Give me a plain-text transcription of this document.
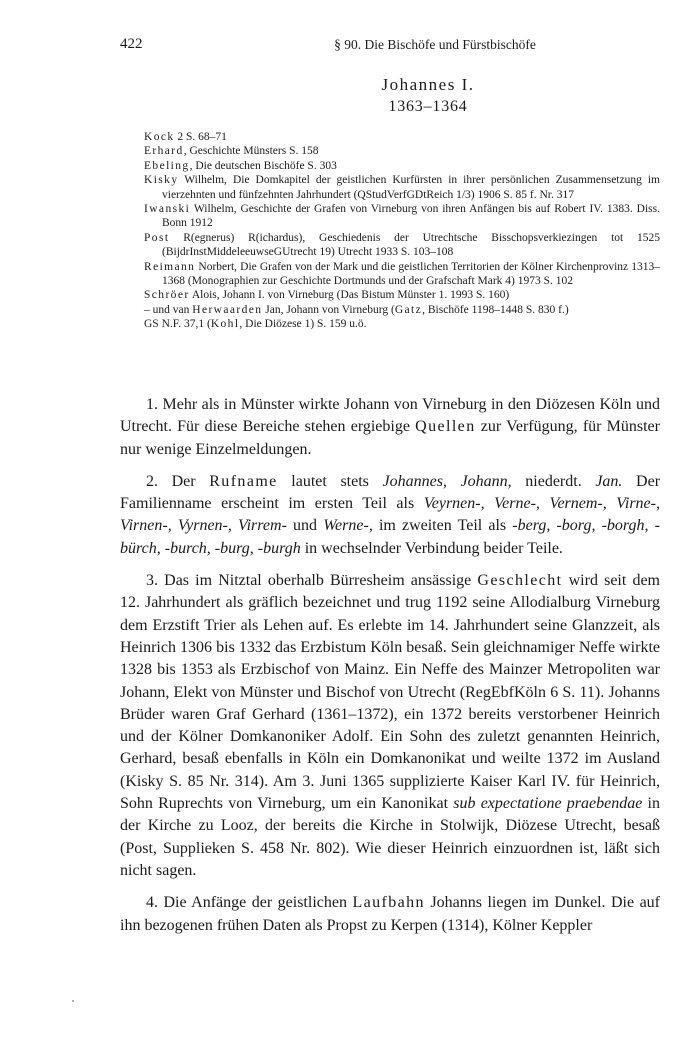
422	§ 90. Die Bischöfe und Fürstbischöfe
Johannes I.
1363–1364
Kock 2 S. 68–71
Erhard, Geschichte Münsters S. 158
Ebeling, Die deutschen Bischöfe S. 303
Kisky Wilhelm, Die Domkapitel der geistlichen Kurfürsten in ihrer persönlichen Zusammensetzung im vierzehnten und fünfzehnten Jahrhundert (QStudVerfGDtReich 1/3) 1906 S. 85 f. Nr. 317
Iwanski Wilhelm, Geschichte der Grafen von Virneburg von ihren Anfängen bis auf Robert IV. 1383. Diss. Bonn 1912
Post R(egnerus) R(ichardus), Geschiedenis der Utrechtsche Bisschopsverkiezingen tot 1525 (BijdrInstMiddeleeuwseGUtrecht 19) Utrecht 1933 S. 103–108
Reimann Norbert, Die Grafen von der Mark und die geistlichen Territorien der Kölner Kirchenprovinz 1313–1368 (Monographien zur Geschichte Dortmunds und der Grafschaft Mark 4) 1973 S. 102
Schröer Alois, Johann I. von Virneburg (Das Bistum Münster 1. 1993 S. 160)
– und van Herwaarden Jan, Johann von Virneburg (Gatz, Bischöfe 1198–1448 S. 830 f.)
GS N.F. 37,1 (Kohl, Die Diözese 1) S. 159 u.ö.

1. Mehr als in Münster wirkte Johann von Virneburg in den Diözesen Köln und Utrecht. Für diese Bereiche stehen ergiebige Quellen zur Verfügung, für Münster nur wenige Einzelmeldungen.

2. Der Rufname lautet stets Johannes, Johann, niederdt. Jan. Der Familienname erscheint im ersten Teil als Veyrnen-, Verne-, Vernem-, Virne-, Virnen-, Vyrnen-, Virrem- und Werne-, im zweiten Teil als -berg, -borg, -borgh, -bürch, -burch, -burg, -burgh in wechselnder Verbindung beider Teile.

3. Das im Nitztal oberhalb Bürresheim ansässige Geschlecht wird seit dem 12. Jahrhundert als gräflich bezeichnet und trug 1192 seine Allodialburg Virneburg dem Erzstift Trier als Lehen auf. Es erlebte im 14. Jahrhundert seine Glanzzeit, als Heinrich 1306 bis 1332 das Erzbistum Köln besaß. Sein gleichnamiger Neffe wirkte 1328 bis 1353 als Erzbischof von Mainz. Ein Neffe des Mainzer Metropoliten war Johann, Elekt von Münster und Bischof von Utrecht (RegEbfKöln 6 S. 11). Johanns Brüder waren Graf Gerhard (1361–1372), ein 1372 bereits verstorbener Heinrich und der Kölner Domkanoniker Adolf. Ein Sohn des zuletzt genannten Heinrich, Gerhard, besaß ebenfalls in Köln ein Domkanonikat und weilte 1372 im Ausland (Kisky S. 85 Nr. 314). Am 3. Juni 1365 supplizierte Kaiser Karl IV. für Heinrich, Sohn Ruprechts von Virneburg, um ein Kanonikat sub expectatione praebendae in der Kirche zu Looz, der bereits die Kirche in Stolwijk, Diözese Utrecht, besaß (Post, Supplieken S. 458 Nr. 802). Wie dieser Heinrich einzuordnen ist, läßt sich nicht sagen.

4. Die Anfänge der geistlichen Laufbahn Johanns liegen im Dunkel. Die auf ihn bezogenen frühen Daten als Propst zu Kerpen (1314), Kölner Keppler
